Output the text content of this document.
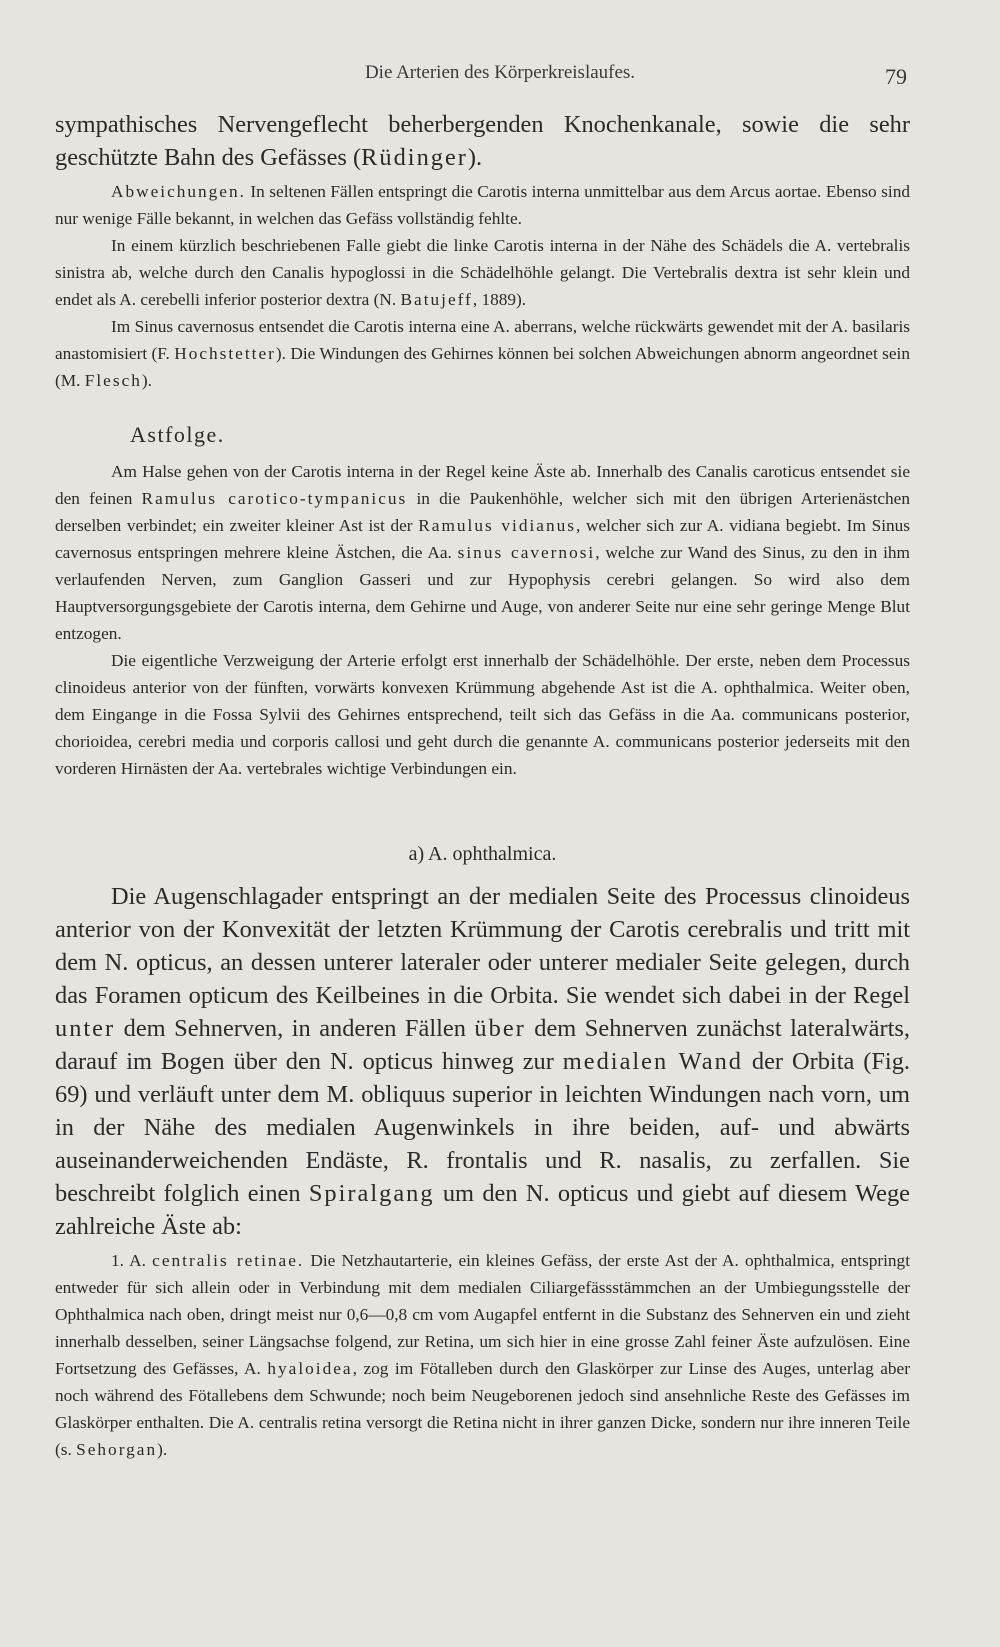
Die Arterien des Körperkreislaufes.	79

sympathisches Nervengeflecht beherbergenden Knochenkanale, sowie die sehr geschützte Bahn des Gefässes (Rüdinger).

Abweichungen. In seltenen Fällen entspringt die Carotis interna unmittelbar aus dem Arcus aortae. Ebenso sind nur wenige Fälle bekannt, in welchen das Gefäss vollständig fehlte.

In einem kürzlich beschriebenen Falle giebt die linke Carotis interna in der Nähe des Schädels die A. vertebralis sinistra ab, welche durch den Canalis hypoglossi in die Schädelhöhle gelangt. Die Vertebralis dextra ist sehr klein und endet als A. cerebelli inferior posterior dextra (N. Batujeff, 1889).

Im Sinus cavernosus entsendet die Carotis interna eine A. aberrans, welche rückwärts gewendet mit der A. basilaris anastomisiert (F. Hochstetter). Die Windungen des Gehirnes können bei solchen Abweichungen abnorm angeordnet sein (M. Flesch).

Astfolge.

Am Halse gehen von der Carotis interna in der Regel keine Äste ab. Innerhalb des Canalis caroticus entsendet sie den feinen Ramulus carotico-tympanicus in die Paukenhöhle, welcher sich mit den übrigen Arterienästchen derselben verbindet; ein zweiter kleiner Ast ist der Ramulus vidianus, welcher sich zur A. vidiana begiebt. Im Sinus cavernosus entspringen mehrere kleine Ästchen, die Aa. sinus cavernosi, welche zur Wand des Sinus, zu den in ihm verlaufenden Nerven, zum Ganglion Gasseri und zur Hypophysis cerebri gelangen. So wird also dem Hauptversorgungsgebiete der Carotis interna, dem Gehirne und Auge, von anderer Seite nur eine sehr geringe Menge Blut entzogen.

Die eigentliche Verzweigung der Arterie erfolgt erst innerhalb der Schädelhöhle. Der erste, neben dem Processus clinoideus anterior von der fünften, vorwärts konvexen Krümmung abgehende Ast ist die A. ophthalmica. Weiter oben, dem Eingange in die Fossa Sylvii des Gehirnes entsprechend, teilt sich das Gefäss in die Aa. communicans posterior, chorioidea, cerebri media und corporis callosi und geht durch die genannte A. communicans posterior jederseits mit den vorderen Hirnästen der Aa. vertebrales wichtige Verbindungen ein.

a) A. ophthalmica.

Die Augenschlagader entspringt an der medialen Seite des Processus clinoideus anterior von der Konvexität der letzten Krümmung der Carotis cerebralis und tritt mit dem N. opticus, an dessen unterer lateraler oder unterer medialer Seite gelegen, durch das Foramen opticum des Keilbeines in die Orbita. Sie wendet sich dabei in der Regel unter dem Sehnerven, in anderen Fällen über dem Sehnerven zunächst lateralwärts, darauf im Bogen über den N. opticus hinweg zur medialen Wand der Orbita (Fig. 69) und verläuft unter dem M. obliquus superior in leichten Windungen nach vorn, um in der Nähe des medialen Augenwinkels in ihre beiden, auf- und abwärts auseinanderweichenden Endäste, R. frontalis und R. nasalis, zu zerfallen. Sie beschreibt folglich einen Spiralgang um den N. opticus und giebt auf diesem Wege zahlreiche Äste ab:

1. A. centralis retinae. Die Netzhautarterie, ein kleines Gefäss, der erste Ast der A. ophthalmica, entspringt entweder für sich allein oder in Verbindung mit dem medialen Ciliargefässstämmchen an der Umbiegungsstelle der Ophthalmica nach oben, dringt meist nur 0,6—0,8 cm vom Augapfel entfernt in die Substanz des Sehnerven ein und zieht innerhalb desselben, seiner Längsachse folgend, zur Retina, um sich hier in eine grosse Zahl feiner Äste aufzulösen. Eine Fortsetzung des Gefässes, A. hyaloidea, zog im Fötalleben durch den Glaskörper zur Linse des Auges, unterlag aber noch während des Fötallebens dem Schwunde; noch beim Neugeborenen jedoch sind ansehnliche Reste des Gefässes im Glaskörper enthalten. Die A. centralis retina versorgt die Retina nicht in ihrer ganzen Dicke, sondern nur ihre inneren Teile (s. Sehorgan).
